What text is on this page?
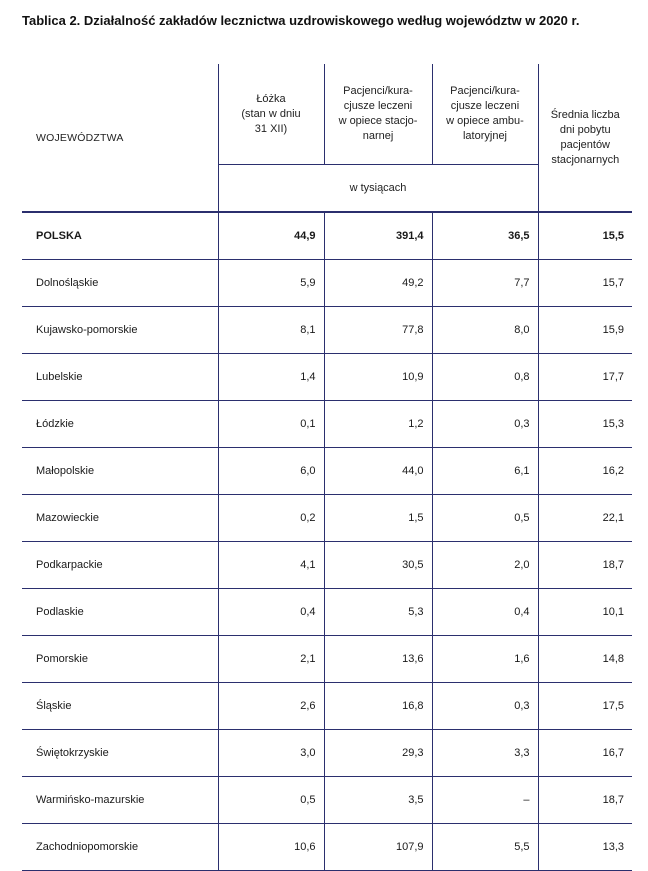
Tablica 2. Działalność zakładów lecznictwa uzdrowiskowego według województw w 2020 r.
WOJEWÓDZTWA	Łóżka
(stan w dniu
31 XII)	Pacjenci/kura-
cjusze leczeni
w opiece stacjo-
narnej	Pacjenci/kura-
cjusze leczeni
w opiece ambu-
latoryjnej	Średnia liczba
dni pobytu
pacjentów
stacjonarnych
	w tysiącach			

POLSKA	44,9	391,4	36,5	15,5
Dolnośląskie	5,9	49,2	7,7	15,7
Kujawsko-pomorskie	8,1	77,8	8,0	15,9
Lubelskie	1,4	10,9	0,8	17,7
Łódzkie	0,1	1,2	0,3	15,3
Małopolskie	6,0	44,0	6,1	16,2
Mazowieckie	0,2	1,5	0,5	22,1
Podkarpackie	4,1	30,5	2,0	18,7
Podlaskie	0,4	5,3	0,4	10,1
Pomorskie	2,1	13,6	1,6	14,8
Śląskie	2,6	16,8	0,3	17,5
Świętokrzyskie	3,0	29,3	3,3	16,7
Warmińsko-mazurskie	0,5	3,5	–	18,7
Zachodniopomorskie	10,6	107,9	5,5	13,3
